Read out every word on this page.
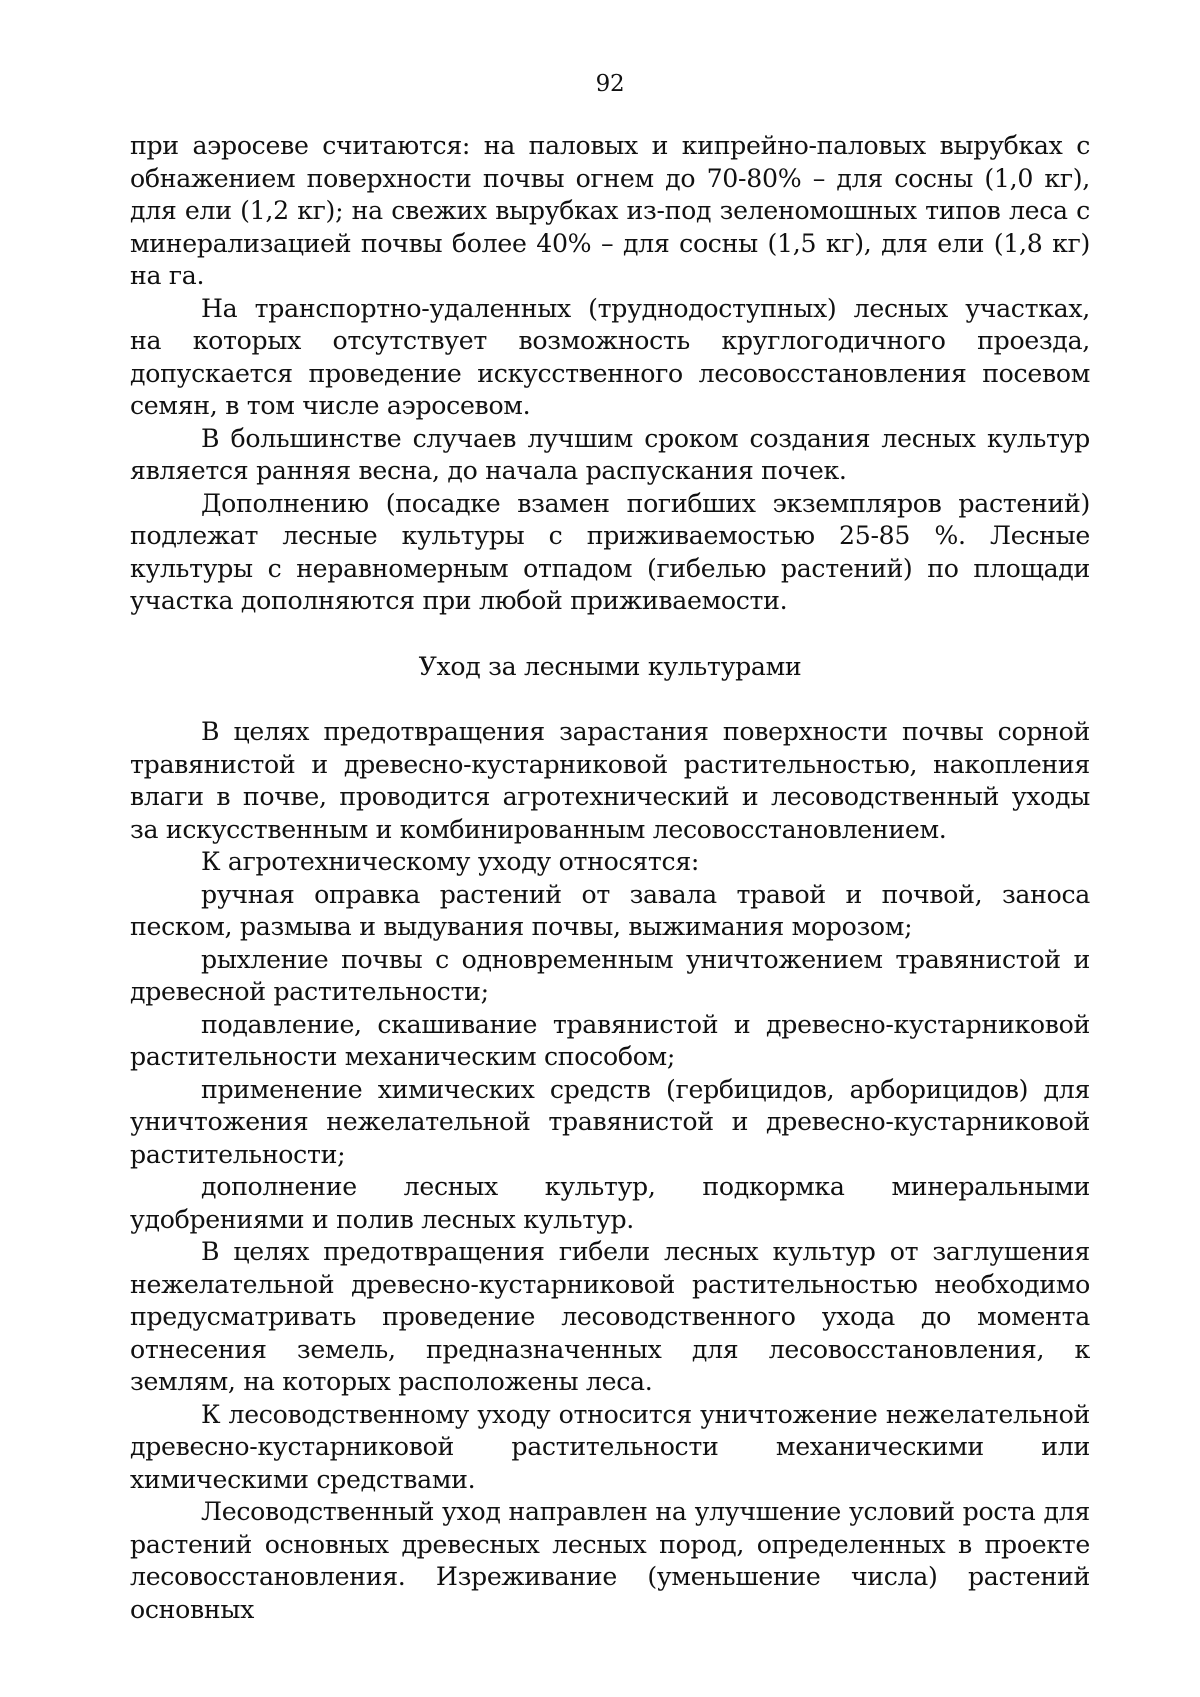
92

при аэросеве считаются: на паловых и кипрейно-паловых вырубках с обнажением поверхности почвы огнем до 70-80% – для сосны (1,0 кг), для ели (1,2 кг); на свежих вырубках из-под зеленомошных типов леса с минерализацией почвы более 40% – для сосны (1,5 кг), для ели (1,8 кг) на га.

На транспортно-удаленных (труднодоступных) лесных участках, на которых отсутствует возможность круглогодичного проезда, допускается проведение искусственного лесовосстановления посевом семян, в том числе аэросевом.

В большинстве случаев лучшим сроком создания лесных культур является ранняя весна, до начала распускания почек.

Дополнению (посадке взамен погибших экземпляров растений) подлежат лесные культуры с приживаемостью 25-85 %. Лесные культуры с неравномерным отпадом (гибелью растений) по площади участка дополняются при любой приживаемости.

Уход за лесными культурами

В целях предотвращения зарастания поверхности почвы сорной травянистой и древесно-кустарниковой растительностью, накопления влаги в почве, проводится агротехнический и лесоводственный уходы за искусственным и комбинированным лесовосстановлением.

К агротехническому уходу относятся:

ручная оправка растений от завала травой и почвой, заноса песком, размыва и выдувания почвы, выжимания морозом;

рыхление почвы с одновременным уничтожением травянистой и древесной растительности;

подавление, скашивание травянистой и древесно-кустарниковой растительности механическим способом;

применение химических средств (гербицидов, арборицидов) для уничтожения нежелательной травянистой и древесно-кустарниковой растительности;

дополнение лесных культур, подкормка минеральными удобрениями и полив лесных культур.

В целях предотвращения гибели лесных культур от заглушения нежелательной древесно-кустарниковой растительностью необходимо предусматривать проведение лесоводственного ухода до момента отнесения земель, предназначенных для лесовосстановления, к землям, на которых расположены леса.

К лесоводственному уходу относится уничтожение нежелательной древесно-кустарниковой растительности механическими или химическими средствами.

Лесоводственный уход направлен на улучшение условий роста для растений основных древесных лесных пород, определенных в проекте лесовосстановления. Изреживание (уменьшение числа) растений основных
